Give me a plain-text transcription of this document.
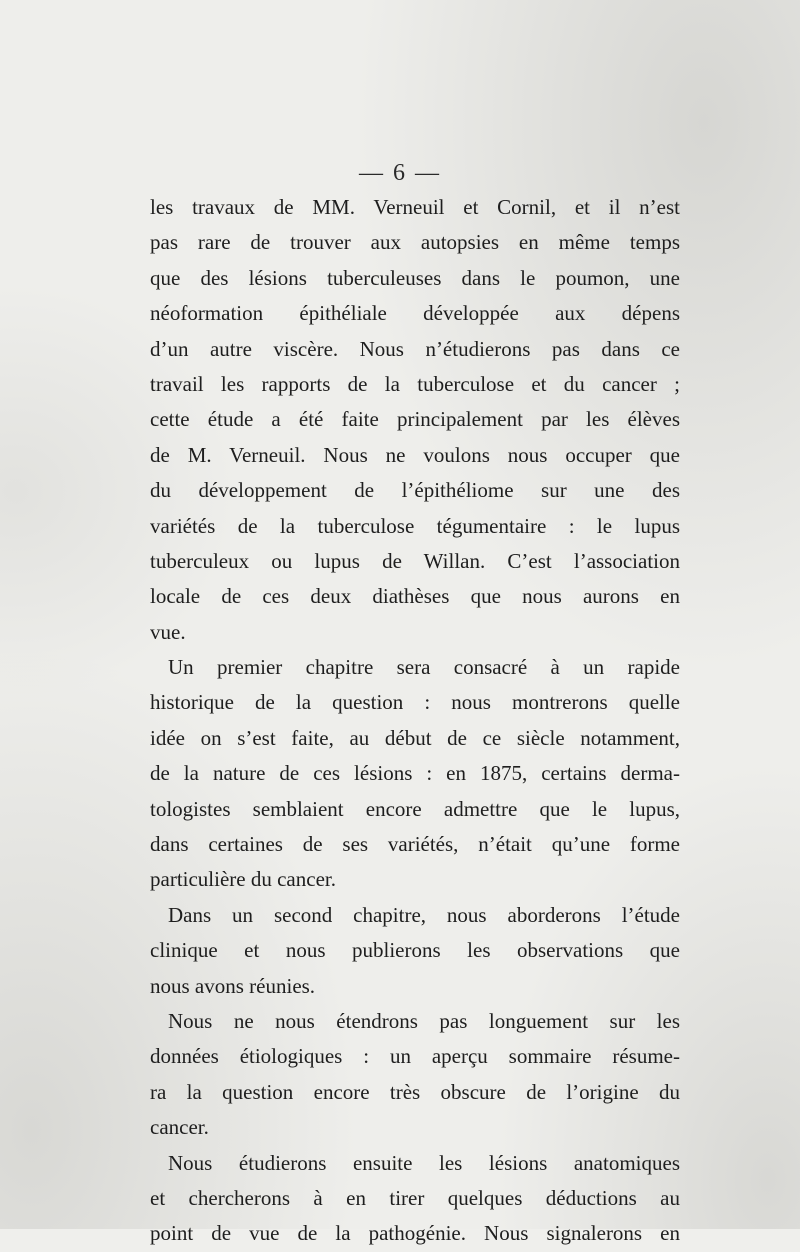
— 6 —
les travaux de MM. Verneuil et Cornil, et il n’est
pas rare de trouver aux autopsies en même temps
que des lésions tuberculeuses dans le poumon, une
néoformation épithéliale développée aux dépens
d’un autre viscère. Nous n’étudierons pas dans ce
travail les rapports de la tuberculose et du cancer ;
cette étude a été faite principalement par les élèves
de M. Verneuil. Nous ne voulons nous occuper que
du développement de l’épithéliome sur une des
variétés de la tuberculose tégumentaire : le lupus
tuberculeux ou lupus de Willan. C’est l’association
locale de ces deux diathèses que nous aurons en
vue.
Un premier chapitre sera consacré à un rapide
historique de la question : nous montrerons quelle
idée on s’est faite, au début de ce siècle notamment,
de la nature de ces lésions : en 1875, certains derma-
tologistes semblaient encore admettre que le lupus,
dans certaines de ses variétés, n’était qu’une forme
particulière du cancer.
Dans un second chapitre, nous aborderons l’étude
clinique et nous publierons les observations que
nous avons réunies.
Nous ne nous étendrons pas longuement sur les
données étiologiques : un aperçu sommaire résume-
ra la question encore très obscure de l’origine du
cancer.
Nous étudierons ensuite les lésions anatomiques
et chercherons à en tirer quelques déductions au
point de vue de la pathogénie. Nous signalerons en
